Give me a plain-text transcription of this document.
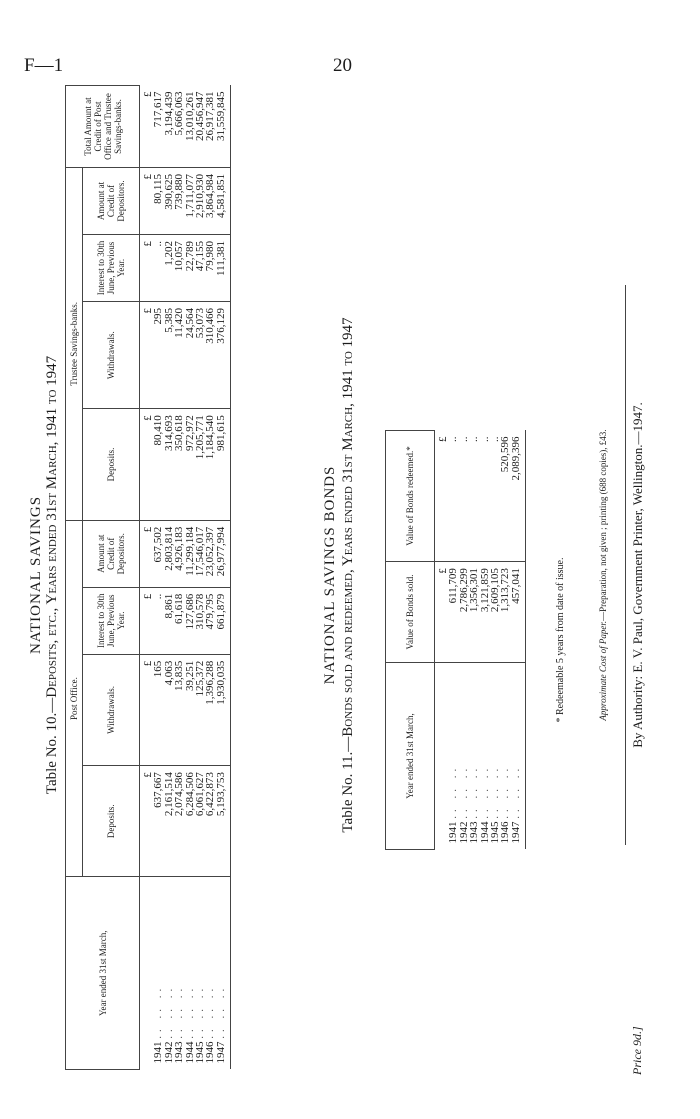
F—1	20
NATIONAL SAVINGS
Table No. 10.—Deposits, etc., Years ended 31st March, 1941 to 1947
Year ended 31st March,	Post Office.				Trustee Savings-banks.				Total Amount at Credit of Post Office and Trustee Savings-banks.
	Deposits.	Withdrawals.	Interest to 30th June, Previous Year.	Amount at Credit of Depositors.	Deposits.	Withdrawals.	Interest to 30th June, Previous Year.	Amount at Credit of Depositors.	
	£	£	£	£	£	£	£	£	£
1941 .. .. ..	637,667	165	..	637,502	80,410	295	..	80,115	717,617
1942 .. .. ..	2,161,514	4,063	8,861	2,803,814	314,693	5,385	1,202	390,625	3,194,439
1943 .. .. ..	2,074,586	13,835	61,618	4,926,183	350,618	11,420	10,057	739,880	5,666,063
1944 .. .. ..	6,284,506	39,251	127,686	11,299,184	972,972	24,564	22,789	1,711,077	13,010,261
1945 .. .. ..	6,061,627	125,372	310,578	17,546,017	1,205,771	53,073	47,155	2,910,930	20,456,947
1946 .. .. ..	6,422,873	1,396,288	479,795	23,052,397	1,184,540	310,466	79,980	3,864,984	26,917,381
1947 .. .. ..	5,193,753	1,930,035	661,879	26,977,994	981,615	376,129	111,381	4,581,851	31,559,845
NATIONAL SAVINGS BONDS
Table No. 11.—Bonds sold and redeemed, Years ended 31st March, 1941 to 1947
Year ended 31st March,	Value of Bonds sold.	Value of Bonds redeemed.*
	£	£
1941 .. .. ..	611,709	..
1942 .. .. ..	2,786,299	..
1943 .. .. ..	1,356,301	..
1944 .. .. ..	3,121,859	..
1945 .. .. ..	2,609,105	..
1946 .. .. ..	1,313,723	520,596
1947 .. .. ..	457,041	2,089,396
* Redeemable 5 years from date of issue.	Approximate Cost of Paper.—Preparation, not given ; printing (688 copies), £43.
Price 9d.]
By Authority: E. V. Paul, Government Printer, Wellington.—1947.
